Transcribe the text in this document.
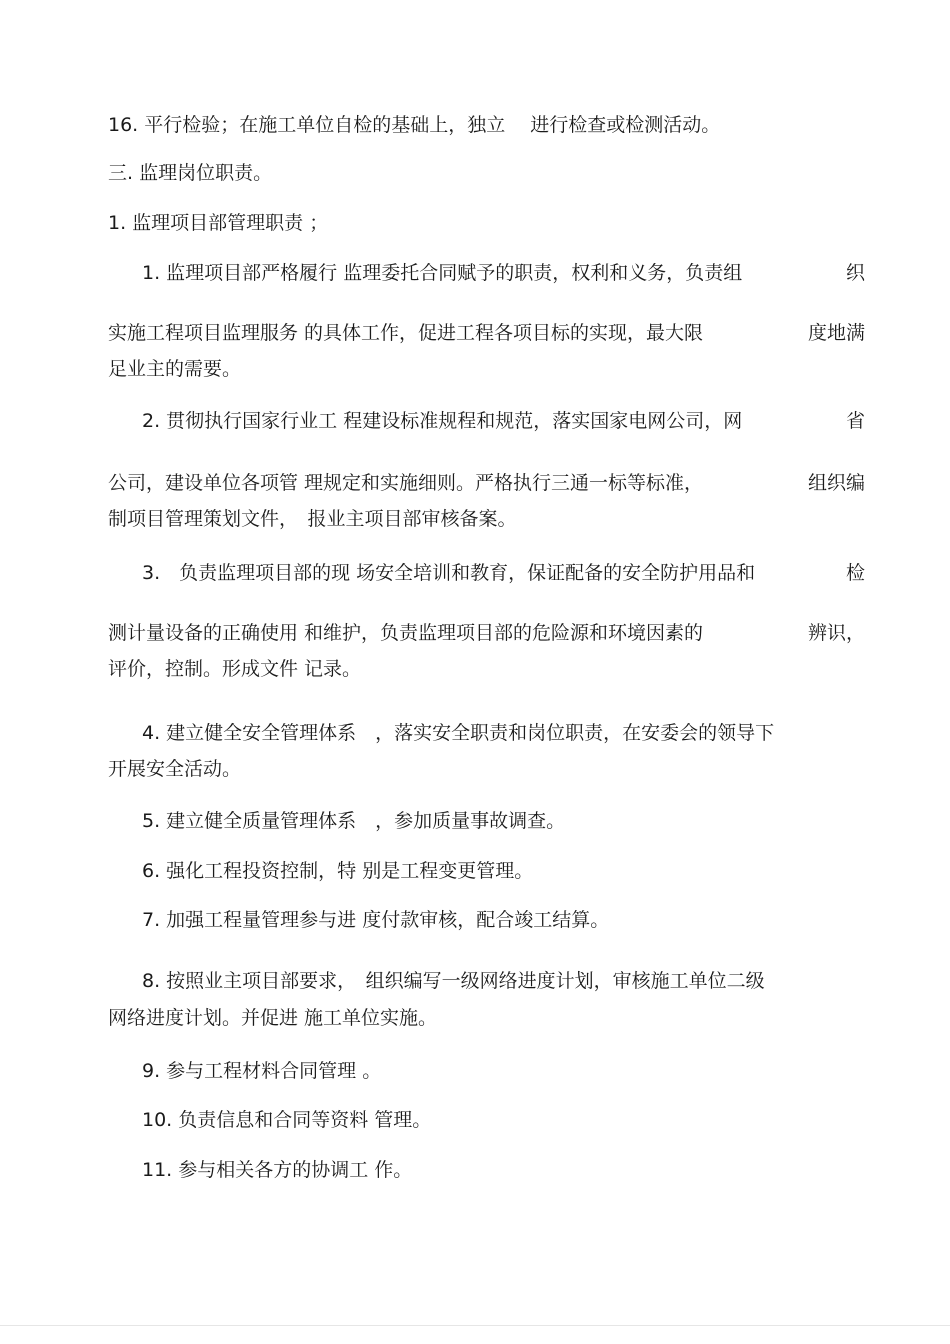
16. 平行检验；在施工单位自检的基础上，独立　 进行检查或检测活动。
三. 监理岗位职责。
1. 监理项目部管理职责 ；
1. 监理项目部严格履行 监理委托合同赋予的职责，权利和义务，负责组	织
实施工程项目监理服务 的具体工作，促进工程各项目标的实现，最大限	度地满
足业主的需要。
2. 贯彻执行国家行业工 程建设标准规程和规范，落实国家电网公司，网	省
公司，建设单位各项管 理规定和实施细则。严格执行三通一标等标准，	组织编
制项目管理策划文件，　报业主项目部审核备案。
3.　负责监理项目部的现 场安全培训和教育，保证配备的安全防护用品和	检
测计量设备的正确使用 和维护，负责监理项目部的危险源和环境因素的	辨识，
评价，控制。形成文件 记录。
4. 建立健全安全管理体系　，落实安全职责和岗位职责，在安委会的领导下
开展安全活动。
5. 建立健全质量管理体系　，参加质量事故调查。
6. 强化工程投资控制，特 别是工程变更管理。
7. 加强工程量管理参与进 度付款审核，配合竣工结算。
8. 按照业主项目部要求，　组织编写一级网络进度计划，审核施工单位二级
网络进度计划。并促进 施工单位实施。
9. 参与工程材料合同管理 。
10. 负责信息和合同等资料 管理。
11. 参与相关各方的协调工 作。
